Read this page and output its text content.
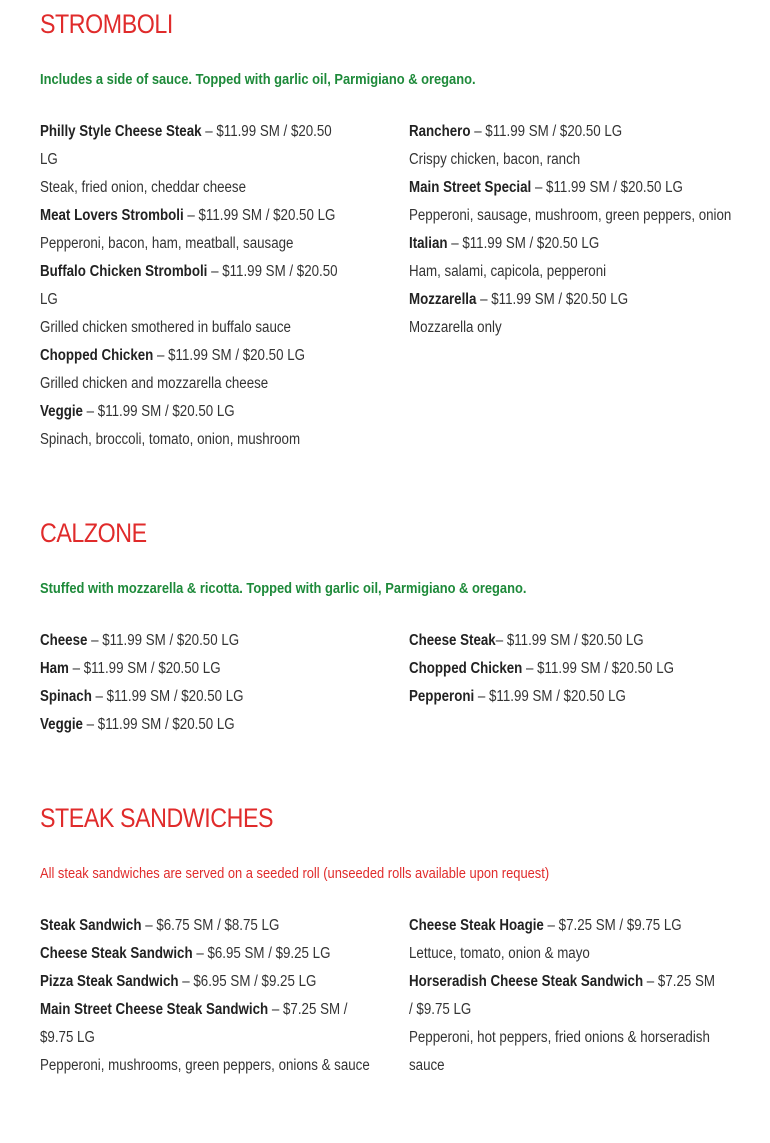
STROMBOLI
Includes a side of sauce. Topped with garlic oil, Parmigiano & oregano.
Philly Style Cheese Steak – $11.99 SM / $20.50
LG
Steak, fried onion, cheddar cheese
Meat Lovers Stromboli – $11.99 SM / $20.50 LG
Pepperoni, bacon, ham, meatball, sausage
Buffalo Chicken Stromboli – $11.99 SM / $20.50
LG
Grilled chicken smothered in buffalo sauce
Chopped Chicken – $11.99 SM / $20.50 LG
Grilled chicken and mozzarella cheese
Veggie – $11.99 SM / $20.50 LG
Spinach, broccoli, tomato, onion, mushroom
Ranchero – $11.99 SM / $20.50 LG
Crispy chicken, bacon, ranch
Main Street Special – $11.99 SM / $20.50 LG
Pepperoni, sausage, mushroom, green peppers, onion
Italian – $11.99 SM / $20.50 LG
Ham, salami, capicola, pepperoni
Mozzarella – $11.99 SM / $20.50 LG
Mozzarella only
CALZONE
Stuffed with mozzarella & ricotta. Topped with garlic oil, Parmigiano & oregano.
Cheese – $11.99 SM / $20.50 LG
Ham – $11.99 SM / $20.50 LG
Spinach – $11.99 SM / $20.50 LG
Veggie – $11.99 SM / $20.50 LG
Cheese Steak– $11.99 SM / $20.50 LG
Chopped Chicken – $11.99 SM / $20.50 LG
Pepperoni – $11.99 SM / $20.50 LG
STEAK SANDWICHES
All steak sandwiches are served on a seeded roll (unseeded rolls available upon request)
Steak Sandwich – $6.75 SM / $8.75 LG
Cheese Steak Sandwich – $6.95 SM / $9.25 LG
Pizza Steak Sandwich – $6.95 SM / $9.25 LG
Main Street Cheese Steak Sandwich – $7.25 SM /
$9.75 LG
Pepperoni, mushrooms, green peppers, onions & sauce
Cheese Steak Hoagie – $7.25 SM / $9.75 LG
Lettuce, tomato, onion & mayo
Horseradish Cheese Steak Sandwich – $7.25 SM
/ $9.75 LG
Pepperoni, hot peppers, fried onions & horseradish
sauce
